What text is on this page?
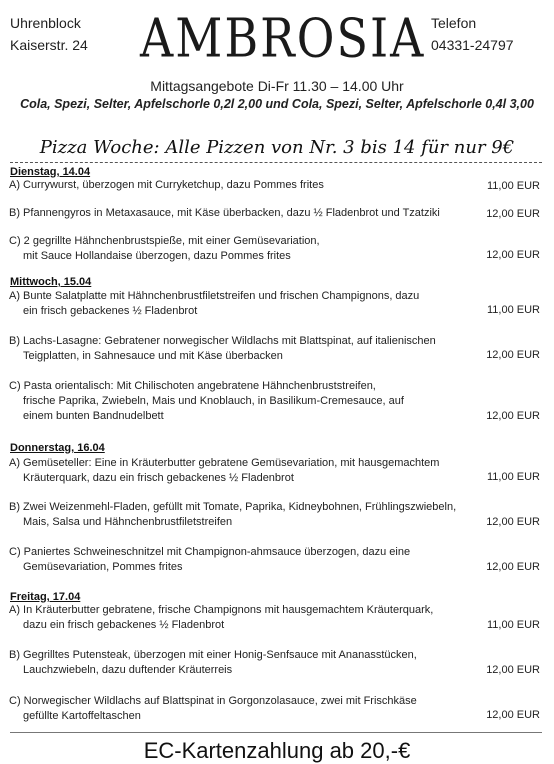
Uhrenblock
Kaiserstr. 24 AMBROSIA Telefon
04331-24797
Mittagsangebote Di-Fr 11.30 – 14.00 Uhr
Cola, Spezi, Selter, Apfelschorle 0,2l 2,00 und Cola, Spezi, Selter, Apfelschorle 0,4l 3,00
Pizza Woche: Alle Pizzen von Nr. 3 bis 14 für nur 9€
Dienstag, 14.04
A) Currywurst, überzogen mit Curryketchup, dazu Pommes frites	11,00 EUR
B) Pfannengyros in Metaxasauce, mit Käse überbacken, dazu ½ Fladenbrot und Tzatziki	12,00 EUR
C) 2 gegrillte Hähnchenbrustspieße, mit einer Gemüsevariation,
mit Sauce Hollandaise überzogen, dazu Pommes frites	12,00 EUR
Mittwoch, 15.04
A) Bunte Salatplatte mit Hähnchenbrustfiletstreifen und frischen Champignons, dazu
ein frisch gebackenes ½ Fladenbrot	11,00 EUR
B) Lachs-Lasagne: Gebratener norwegischer Wildlachs mit Blattspinat, auf italienischen
Teigplatten, in Sahnesauce und mit Käse überbacken	12,00 EUR
C) Pasta orientalisch: Mit Chilischoten angebratene Hähnchenbruststreifen,
frische Paprika, Zwiebeln, Mais und Knoblauch, in Basilikum-Cremesauce, auf
einem bunten Bandnudelbett	12,00 EUR
Donnerstag, 16.04
A) Gemüseteller: Eine in Kräuterbutter gebratene Gemüsevariation, mit hausgemachtem
Kräuterquark, dazu ein frisch gebackenes ½ Fladenbrot	11,00 EUR
B) Zwei Weizenmehl-Fladen, gefüllt mit Tomate, Paprika, Kidneybohnen, Frühlingszwiebeln,
Mais, Salsa und Hähnchenbrustfiletstreifen	12,00 EUR
C) Paniertes Schweineschnitzel mit Champignon-ahmsauce überzogen, dazu eine
Gemüsevariation, Pommes frites	12,00 EUR
Freitag, 17.04
A) In Kräuterbutter gebratene, frische Champignons mit hausgemachtem Kräuterquark,
dazu ein frisch gebackenes ½ Fladenbrot	11,00 EUR
B) Gegrilltes Putensteak, überzogen mit einer Honig-Senfsauce mit Ananasstücken,
Lauchzwiebeln, dazu duftender Kräuterreis	12,00 EUR
C) Norwegischer Wildlachs auf Blattspinat in Gorgonzolasauce, zwei mit Frischkäse
gefüllte Kartoffeltaschen	12,00 EUR
EC-Kartenzahlung ab 20,-€
